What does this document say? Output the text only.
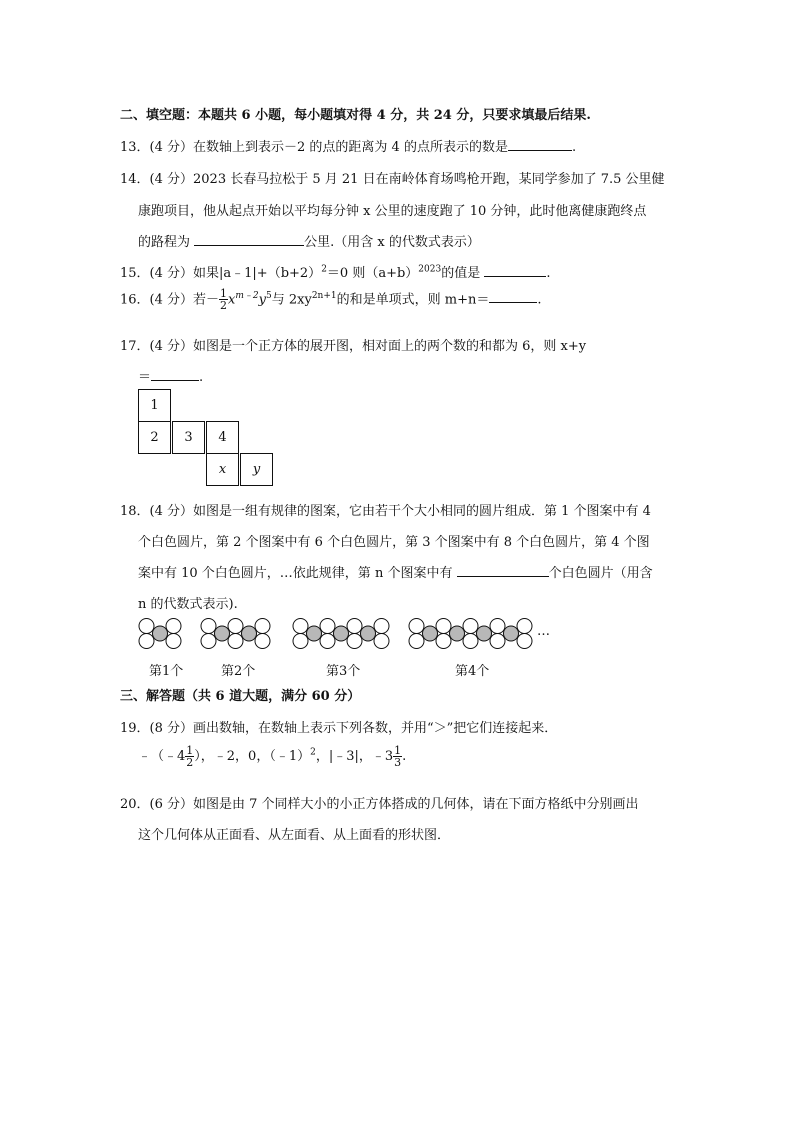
二、填空题：本题共 6 小题，每小题填对得 4 分，共 24 分，只要求填最后结果.
13．(4 分）在数轴上到表示－2 的点的距离为 4 的点所表示的数是	.
14．(4 分）2023 长春马拉松于 5 月 21 日在南岭体育场鸣枪开跑，某同学参加了 7.5 公里健
康跑项目，他从起点开始以平均每分钟 x 公里的速度跑了 10 分钟，此时他离健康跑终点
的路程为	公里.（用含 x 的代数式表示）
15．(4 分）如果$|a﹣1|+(b+2)^2=0$ 则$(a+b)^{2023}$的值是	.
16．(4 分）若－ $\frac{1}{2} x^{m﹣2}y^5$与 $2xy^{2n+1}$的和是单项式，则 m+n＝	.
17．(4 分）如图是一个正方体的展开图，相对面上的两个数的和都为 6，则 x+y
＝	.
1
2	3	4
x	y
18．(4 分）如图是一组有规律的图案，它由若干个大小相同的圆片组成．第 1 个图案中有 4
个白色圆片，第 2 个图案中有 6 个白色圆片，第 3 个图案中有 8 个白色圆片，第 4 个图
案中有 10 个白色圆片，…依此规律，第 n 个图案中有	个白色圆片（用含
n 的代数式表示).
第1个	第2个	第3个	第4个
…
三、解答题（共 6 道大题，满分 60 分）
19．(8 分）画出数轴，在数轴上表示下列各数，并用“＞”把它们连接起来．
﹣（﹣4 $\frac{1}{2}$ ），﹣2，0，（﹣1）$^2$，|﹣3|，﹣3 $\frac{1}{3}$ .
20．(6 分）如图是由 7 个同样大小的小正方体搭成的几何体，请在下面方格纸中分别画出
这个几何体从正面看、从左面看、从上面看的形状图．
